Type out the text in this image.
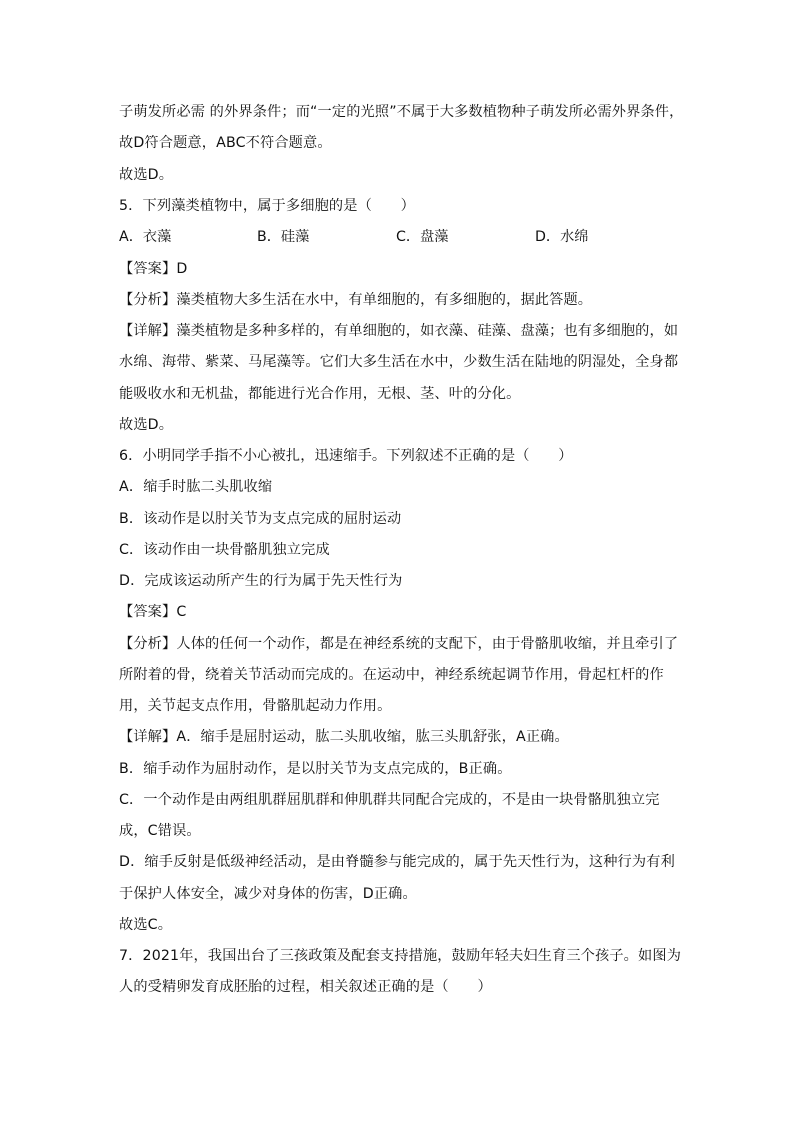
子萌发所必需 的外界条件；而“一定的光照”不属于大多数植物种子萌发所必需外界条件，
故D符合题意，ABC不符合题意。
故选D。
5．下列藻类植物中，属于多细胞的是（　　）
A．衣藻	B．硅藻	C．盘藻	D．水绵
【答案】D
【分析】藻类植物大多生活在水中，有单细胞的，有多细胞的，据此答题。
【详解】藻类植物是多种多样的，有单细胞的，如衣藻、硅藻、盘藻；也有多细胞的，如
水绵、海带、紫菜、马尾藻等。它们大多生活在水中，少数生活在陆地的阴湿处，全身都
能吸收水和无机盐，都能进行光合作用，无根、茎、叶的分化。
故选D。
6．小明同学手指不小心被扎，迅速缩手。下列叙述不正确的是（　　）
A．缩手时肱二头肌收缩
B．该动作是以肘关节为支点完成的屈肘运动
C．该动作由一块骨骼肌独立完成
D．完成该运动所产生的行为属于先天性行为
【答案】C
【分析】人体的任何一个动作，都是在神经系统的支配下，由于骨骼肌收缩，并且牵引了
所附着的骨，绕着关节活动而完成的。在运动中，神经系统起调节作用，骨起杠杆的作
用，关节起支点作用，骨骼肌起动力作用。
【详解】A．缩手是屈肘运动，肱二头肌收缩，肱三头肌舒张，A正确。
B．缩手动作为屈肘动作，是以肘关节为支点完成的，B正确。
C．一个动作是由两组肌群屈肌群和伸肌群共同配合完成的，不是由一块骨骼肌独立完
成，C错误。
D．缩手反射是低级神经活动，是由脊髓参与能完成的，属于先天性行为，这种行为有利
于保护人体安全，减少对身体的伤害，D正确。
故选C。
7．2021年，我国出台了三孩政策及配套支持措施，鼓励年轻夫妇生育三个孩子。如图为
人的受精卵发育成胚胎的过程，相关叙述正确的是（　　）
